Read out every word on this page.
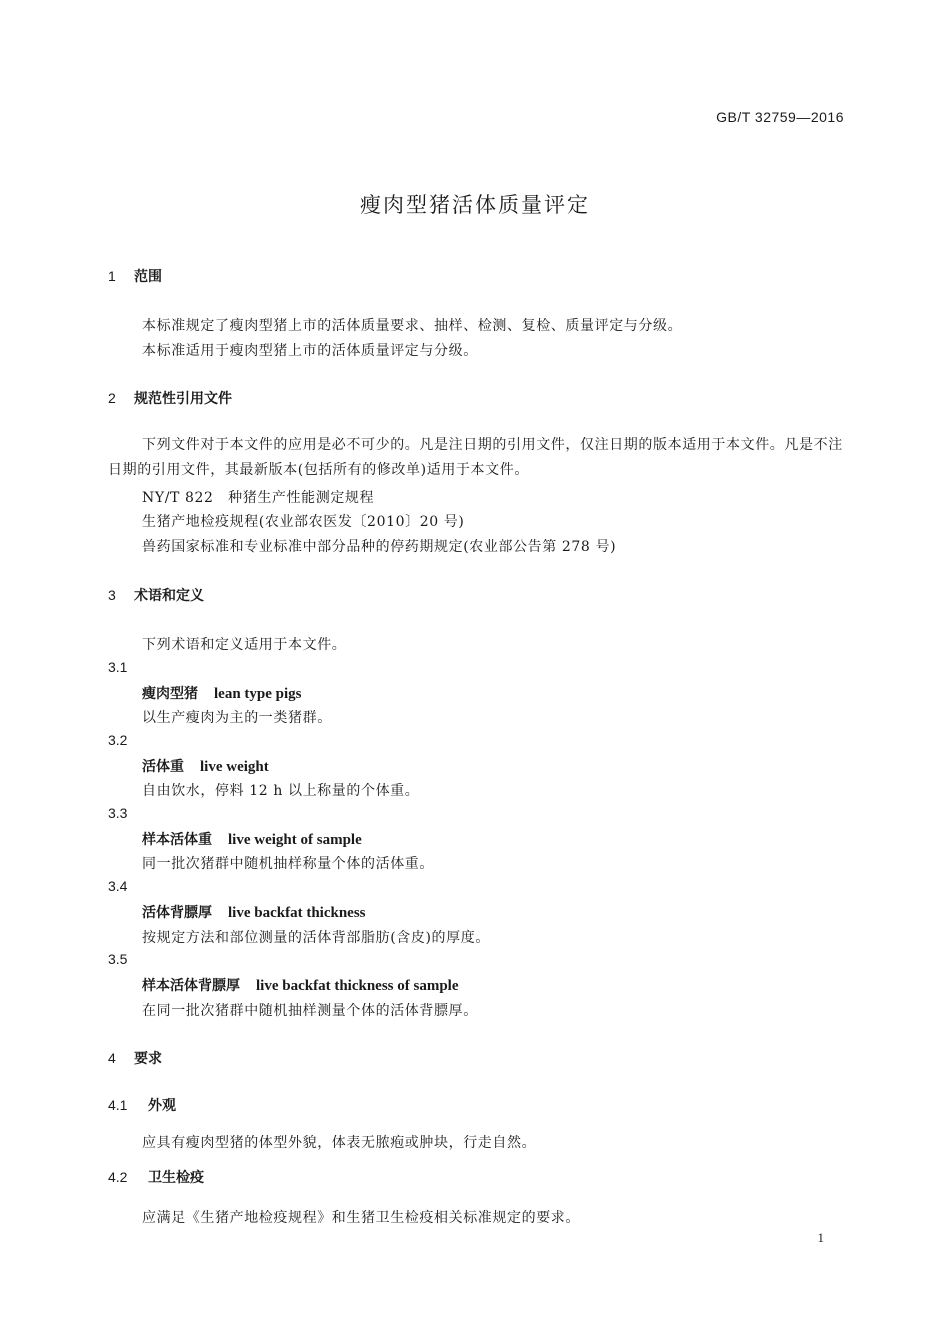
GB/T 32759—2016
瘦肉型猪活体质量评定
1 范围
本标准规定了瘦肉型猪上市的活体质量要求、抽样、检测、复检、质量评定与分级。
本标准适用于瘦肉型猪上市的活体质量评定与分级。
2 规范性引用文件
下列文件对于本文件的应用是必不可少的。凡是注日期的引用文件，仅注日期的版本适用于本文件。凡是不注日期的引用文件，其最新版本(包括所有的修改单)适用于本文件。
NY/T 822　种猪生产性能测定规程
生猪产地检疫规程(农业部农医发〔2010〕20 号)
兽药国家标准和专业标准中部分品种的停药期规定(农业部公告第 278 号)
3 术语和定义
下列术语和定义适用于本文件。
3.1
瘦肉型猪 lean type pigs
以生产瘦肉为主的一类猪群。
3.2
活体重 live weight
自由饮水，停料 12 h 以上称量的个体重。
3.3
样本活体重 live weight of sample
同一批次猪群中随机抽样称量个体的活体重。
3.4
活体背膘厚 live backfat thickness
按规定方法和部位测量的活体背部脂肪(含皮)的厚度。
3.5
样本活体背膘厚 live backfat thickness of sample
在同一批次猪群中随机抽样测量个体的活体背膘厚。
4 要求
4.1 外观
应具有瘦肉型猪的体型外貌，体表无脓疱或肿块，行走自然。
4.2 卫生检疫
应满足《生猪产地检疫规程》和生猪卫生检疫相关标准规定的要求。
1
